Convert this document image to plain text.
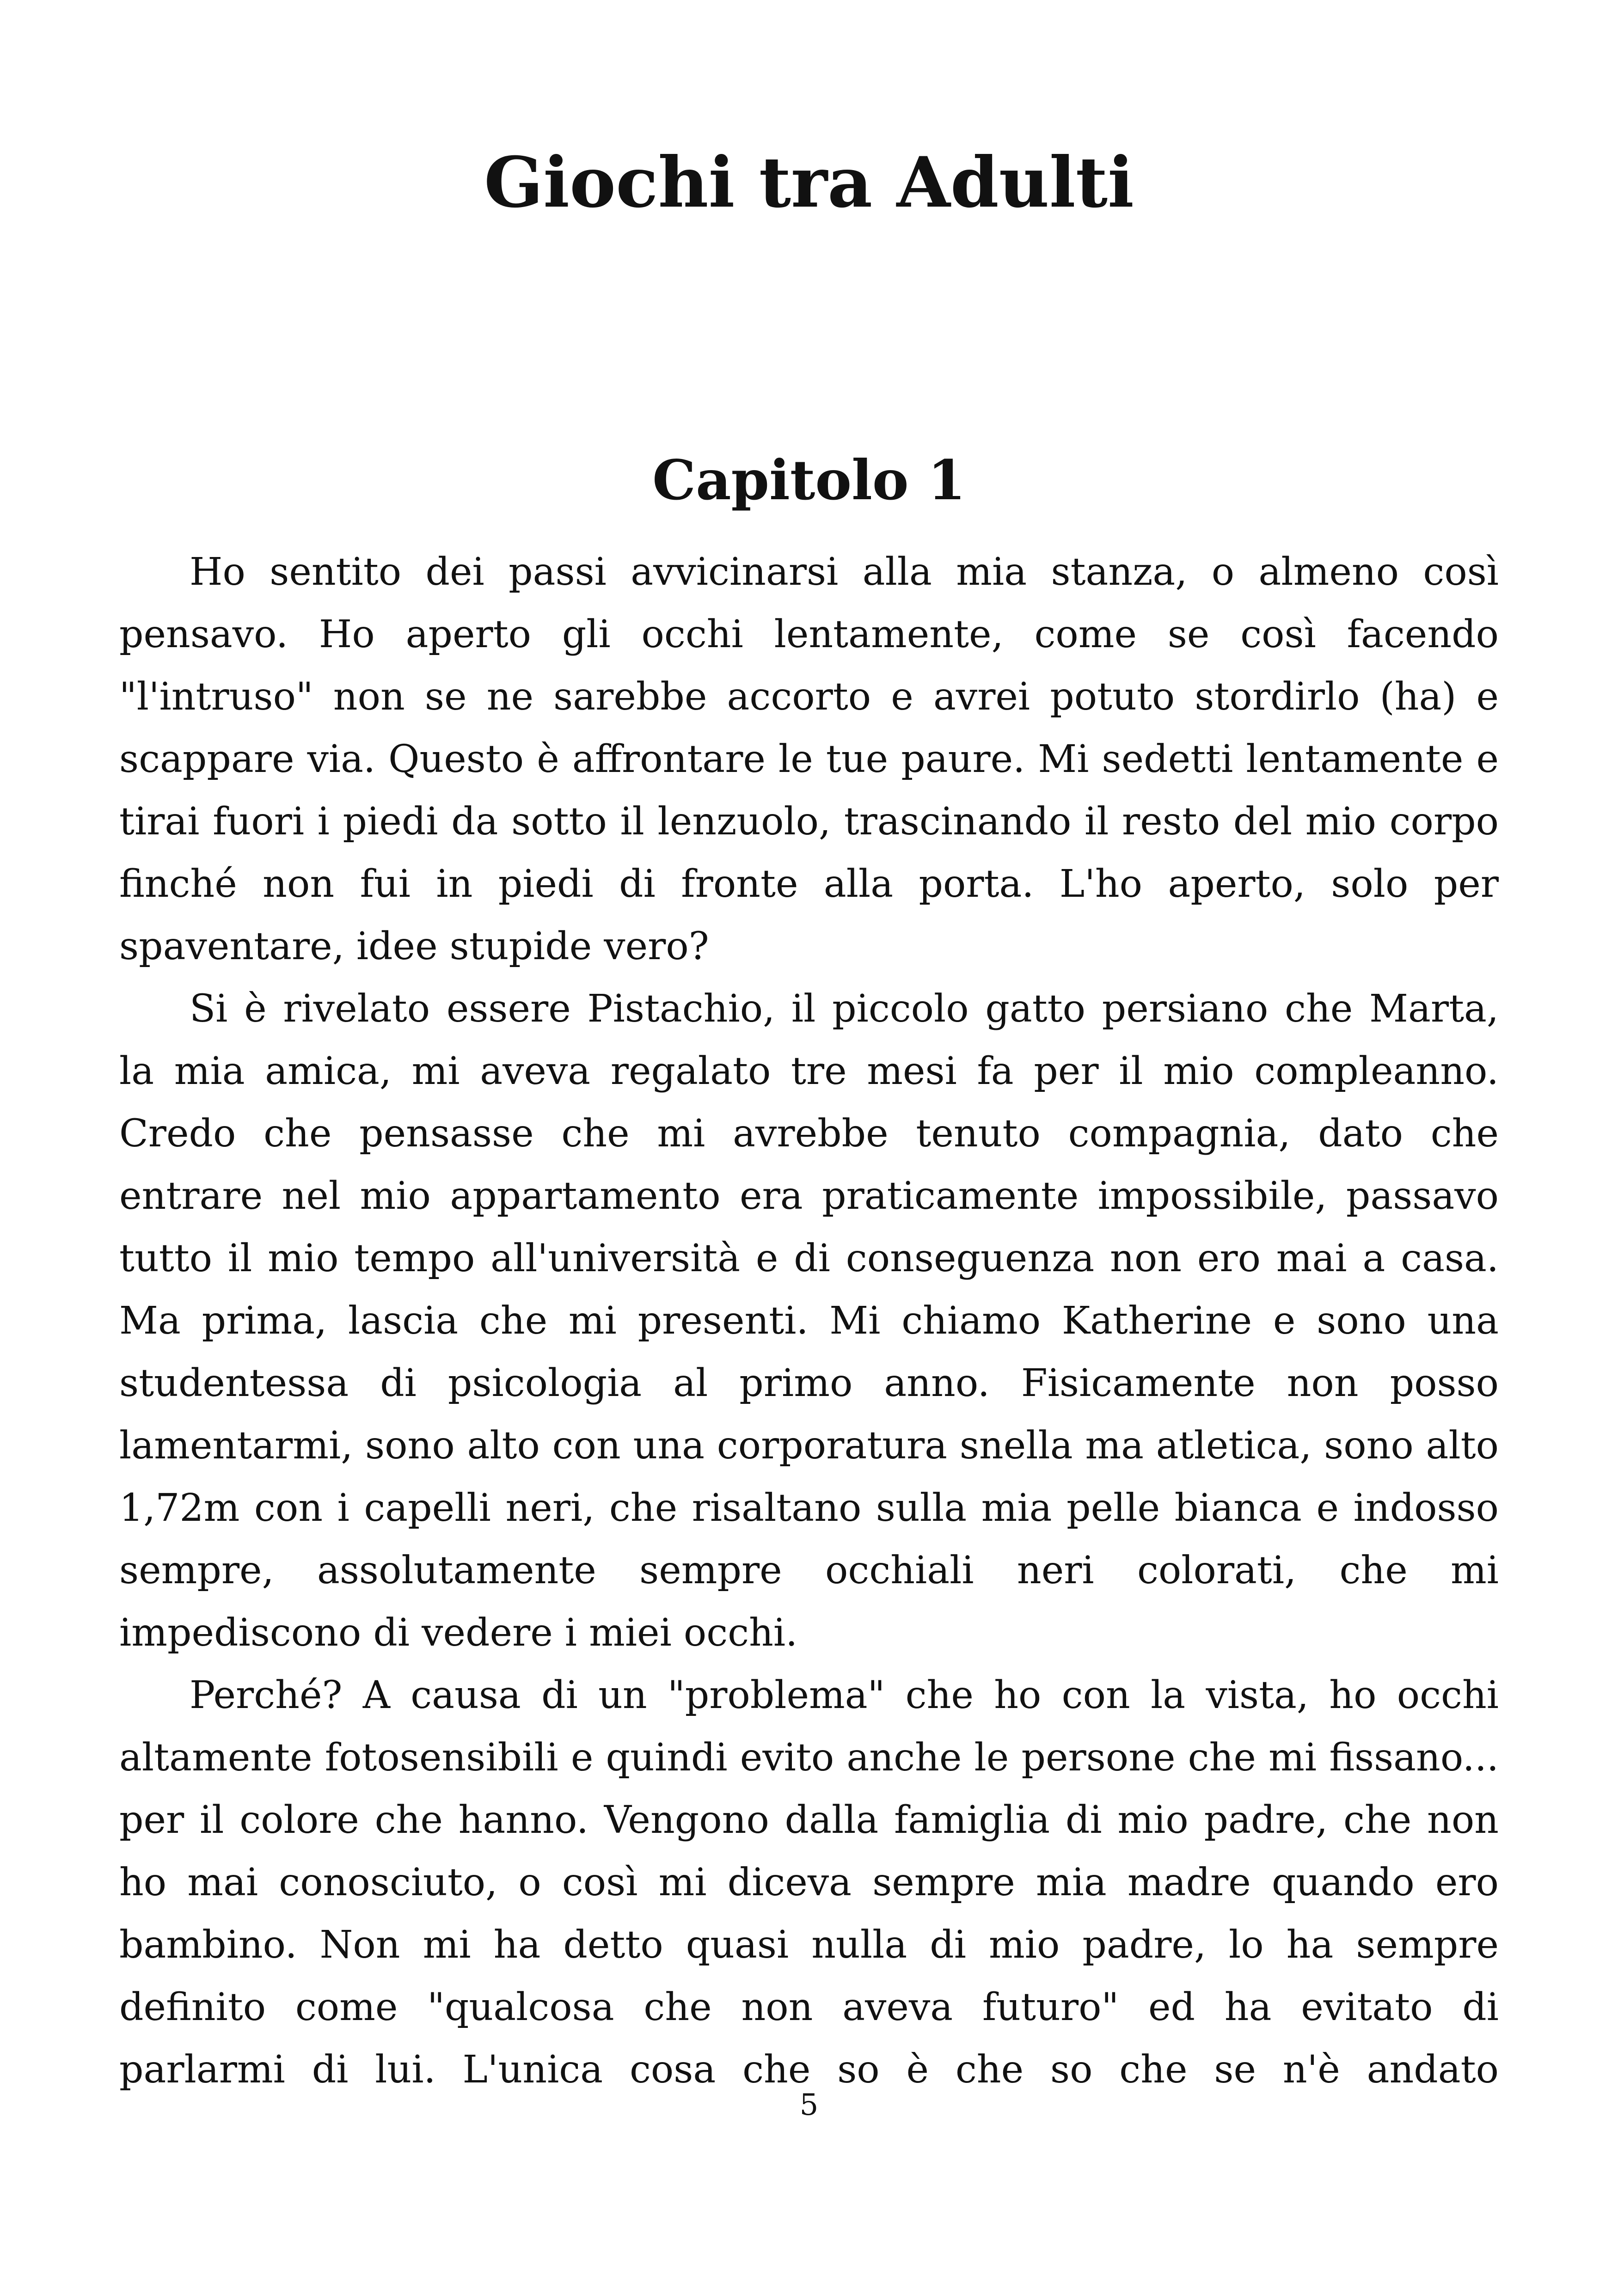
Giochi tra Adulti
Capitolo 1

Ho sentito dei passi avvicinarsi alla mia stanza, o almeno così pensavo. Ho aperto gli occhi lentamente, come se così facendo "l'intruso" non se ne sarebbe accorto e avrei potuto stordirlo (ha) e scappare via. Questo è affrontare le tue paure. Mi sedetti lentamente e tirai fuori i piedi da sotto il lenzuolo, trascinando il resto del mio corpo finché non fui in piedi di fronte alla porta. L'ho aperto, solo per spaventare, idee stupide vero?

Si è rivelato essere Pistachio, il piccolo gatto persiano che Marta, la mia amica, mi aveva regalato tre mesi fa per il mio compleanno. Credo che pensasse che mi avrebbe tenuto compagnia, dato che entrare nel mio appartamento era praticamente impossibile, passavo tutto il mio tempo all'università e di conseguenza non ero mai a casa. Ma prima, lascia che mi presenti. Mi chiamo Katherine e sono una studentessa di psicologia al primo anno. Fisicamente non posso lamentarmi, sono alto con una corporatura snella ma atletica, sono alto 1,72m con i capelli neri, che risaltano sulla mia pelle bianca e indosso sempre, assolutamente sempre occhiali neri colorati, che mi impediscono di vedere i miei occhi.

Perché? A causa di un "problema" che ho con la vista, ho occhi altamente fotosensibili e quindi evito anche le persone che mi fissano... per il colore che hanno. Vengono dalla famiglia di mio padre, che non ho mai conosciuto, o così mi diceva sempre mia madre quando ero bambino. Non mi ha detto quasi nulla di mio padre, lo ha sempre definito come "qualcosa che non aveva futuro" ed ha evitato di parlarmi di lui. L'unica cosa che so è che so che se n'è andato

5
